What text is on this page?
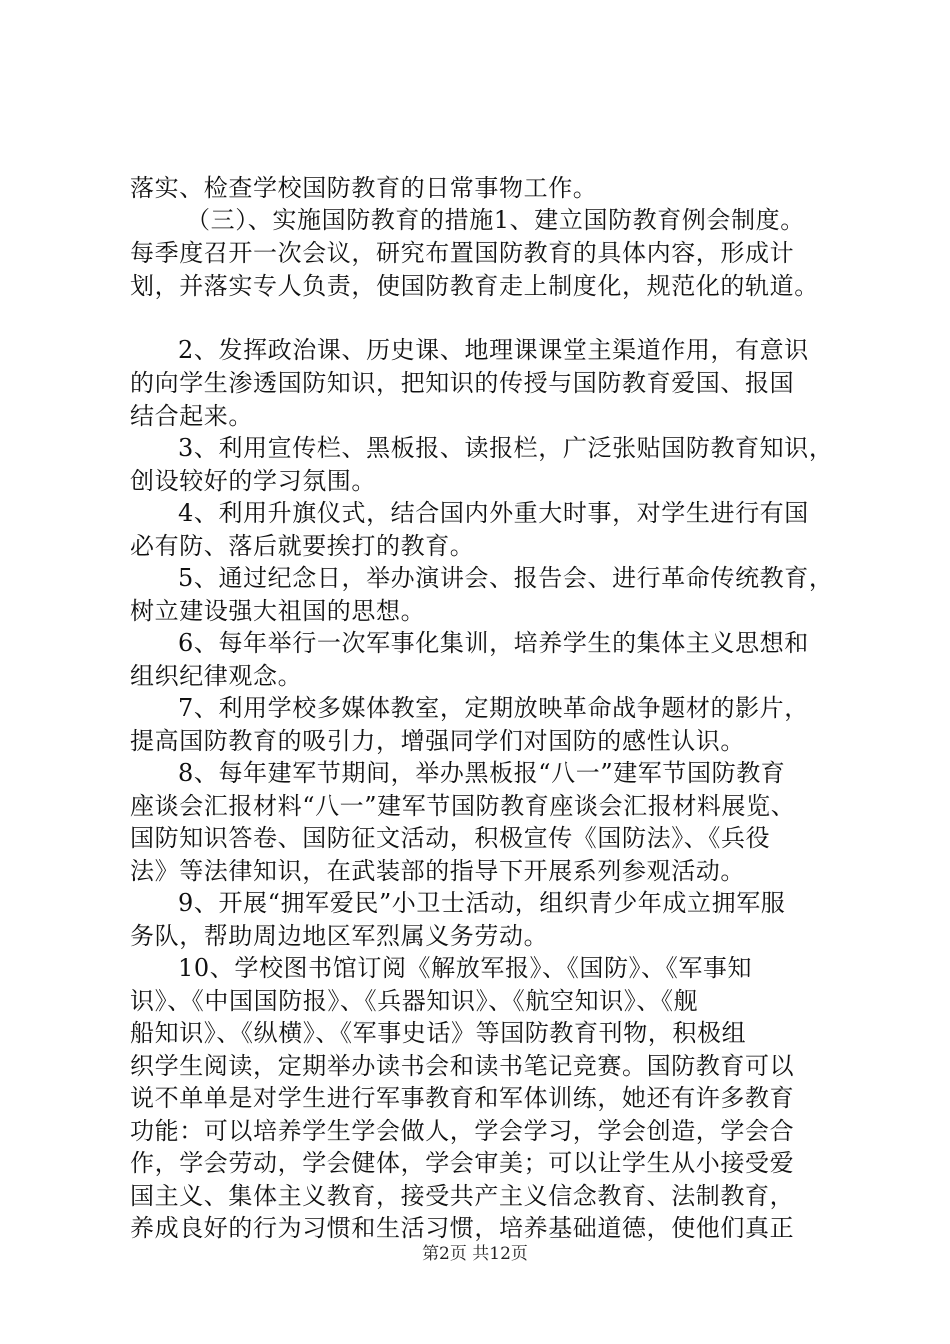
落实、检查学校国防教育的日常事物工作。
（三）、实施国防教育的措施1、建立国防教育例会制度。
每季度召开一次会议，研究布置国防教育的具体内容，形成计
划，并落实专人负责，使国防教育走上制度化，规范化的轨道。
2、发挥政治课、历史课、地理课课堂主渠道作用，有意识
的向学生渗透国防知识，把知识的传授与国防教育爱国、报国
结合起来。
3、利用宣传栏、黑板报、读报栏，广泛张贴国防教育知识，
创设较好的学习氛围。
4、利用升旗仪式，结合国内外重大时事，对学生进行有国
必有防、落后就要挨打的教育。
5、通过纪念日，举办演讲会、报告会、进行革命传统教育，
树立建设强大祖国的思想。
6、每年举行一次军事化集训，培养学生的集体主义思想和
组织纪律观念。
7、利用学校多媒体教室，定期放映革命战争题材的影片，
提高国防教育的吸引力，增强同学们对国防的感性认识。
8、每年建军节期间，举办黑板报“八一”建军节国防教育
座谈会汇报材料“八一”建军节国防教育座谈会汇报材料展览、
国防知识答卷、国防征文活动，积极宣传《国防法》、《兵役
法》等法律知识，在武装部的指导下开展系列参观活动。
9、开展“拥军爱民”小卫士活动，组织青少年成立拥军服
务队，帮助周边地区军烈属义务劳动。
10、学校图书馆订阅《解放军报》、《国防》、《军事知
识》、《中国国防报》、《兵器知识》、《航空知识》、《舰
船知识》、《纵横》、《军事史话》等国防教育刊物，积极组
织学生阅读，定期举办读书会和读书笔记竞赛。国防教育可以
说不单单是对学生进行军事教育和军体训练，她还有许多教育
功能：可以培养学生学会做人，学会学习，学会创造，学会合
作，学会劳动，学会健体，学会审美；可以让学生从小接受爱
国主义、集体主义教育，接受共产主义信念教育、法制教育，
养成良好的行为习惯和生活习惯，培养基础道德，使他们真正
第2页 共12页
